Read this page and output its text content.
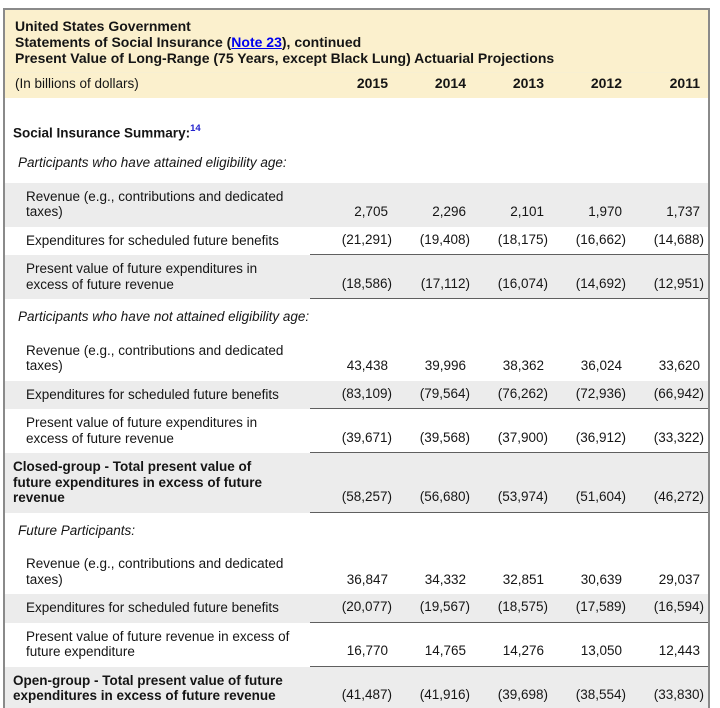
United States Government
Statements of Social Insurance (Note 23), continued
Present Value of Long-Range (75 Years, except Black Lung) Actuarial Projections
(In billions of dollars)	2015	2014	2013	2012	2011
Social Insurance Summary:$^{14}$
Participants who have attained eligibility age:
Revenue (e.g., contributions and dedicated taxes)	2,705	2,296	2,101	1,970	1,737
Expenditures for scheduled future benefits	(21,291)	(19,408)	(18,175)	(16,662)	(14,688)
Present value of future expenditures in excess of future revenue	(18,586)	(17,112)	(16,074)	(14,692)	(12,951)
Participants who have not attained eligibility age:
Revenue (e.g., contributions and dedicated taxes)	43,438	39,996	38,362	36,024	33,620
Expenditures for scheduled future benefits	(83,109)	(79,564)	(76,262)	(72,936)	(66,942)
Present value of future expenditures in excess of future revenue	(39,671)	(39,568)	(37,900)	(36,912)	(33,322)
Closed-group - Total present value of future expenditures in excess of future revenue	(58,257)	(56,680)	(53,974)	(51,604)	(46,272)
Future Participants:
Revenue (e.g., contributions and dedicated taxes)	36,847	34,332	32,851	30,639	29,037
Expenditures for scheduled future benefits	(20,077)	(19,567)	(18,575)	(17,589)	(16,594)
Present value of future revenue in excess of future expenditure	16,770	14,765	14,276	13,050	12,443
Open-group - Total present value of future expenditures in excess of future revenue	(41,487)	(41,916)	(39,698)	(38,554)	(33,830)
